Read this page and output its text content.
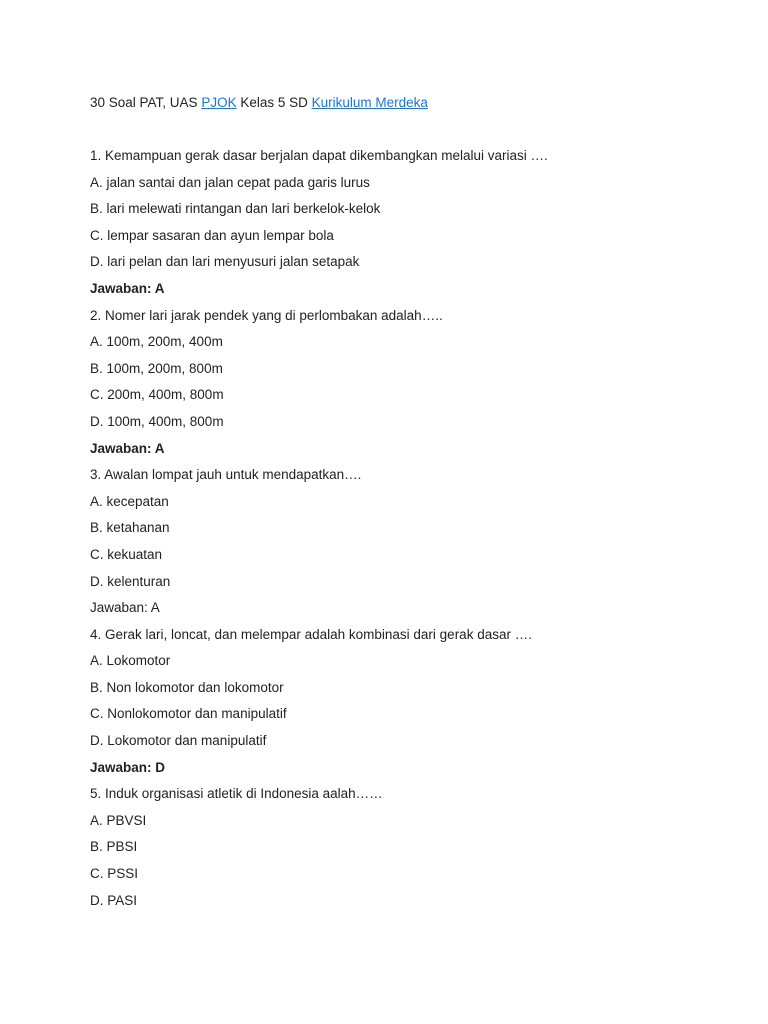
30 Soal PAT, UAS PJOK Kelas 5 SD Kurikulum Merdeka
1. Kemampuan gerak dasar berjalan dapat dikembangkan melalui variasi ….
A. jalan santai dan jalan cepat pada garis lurus
B. lari melewati rintangan dan lari berkelok-kelok
C. lempar sasaran dan ayun lempar bola
D. lari pelan dan lari menyusuri jalan setapak
Jawaban: A
2. Nomer lari jarak pendek yang di perlombakan adalah…..
A. 100m, 200m, 400m
B. 100m, 200m, 800m
C. 200m, 400m, 800m
D. 100m, 400m, 800m
Jawaban: A
3. Awalan lompat jauh untuk mendapatkan….
A. kecepatan
B. ketahanan
C. kekuatan
D. kelenturan
Jawaban: A
4. Gerak lari, loncat, dan melempar adalah kombinasi dari gerak dasar ….
A. Lokomotor
B. Non lokomotor dan lokomotor
C. Nonlokomotor dan manipulatif
D. Lokomotor dan manipulatif
Jawaban: D
5. Induk organisasi atletik di Indonesia aalah……
A. PBVSI
B. PBSI
C. PSSI
D. PASI
